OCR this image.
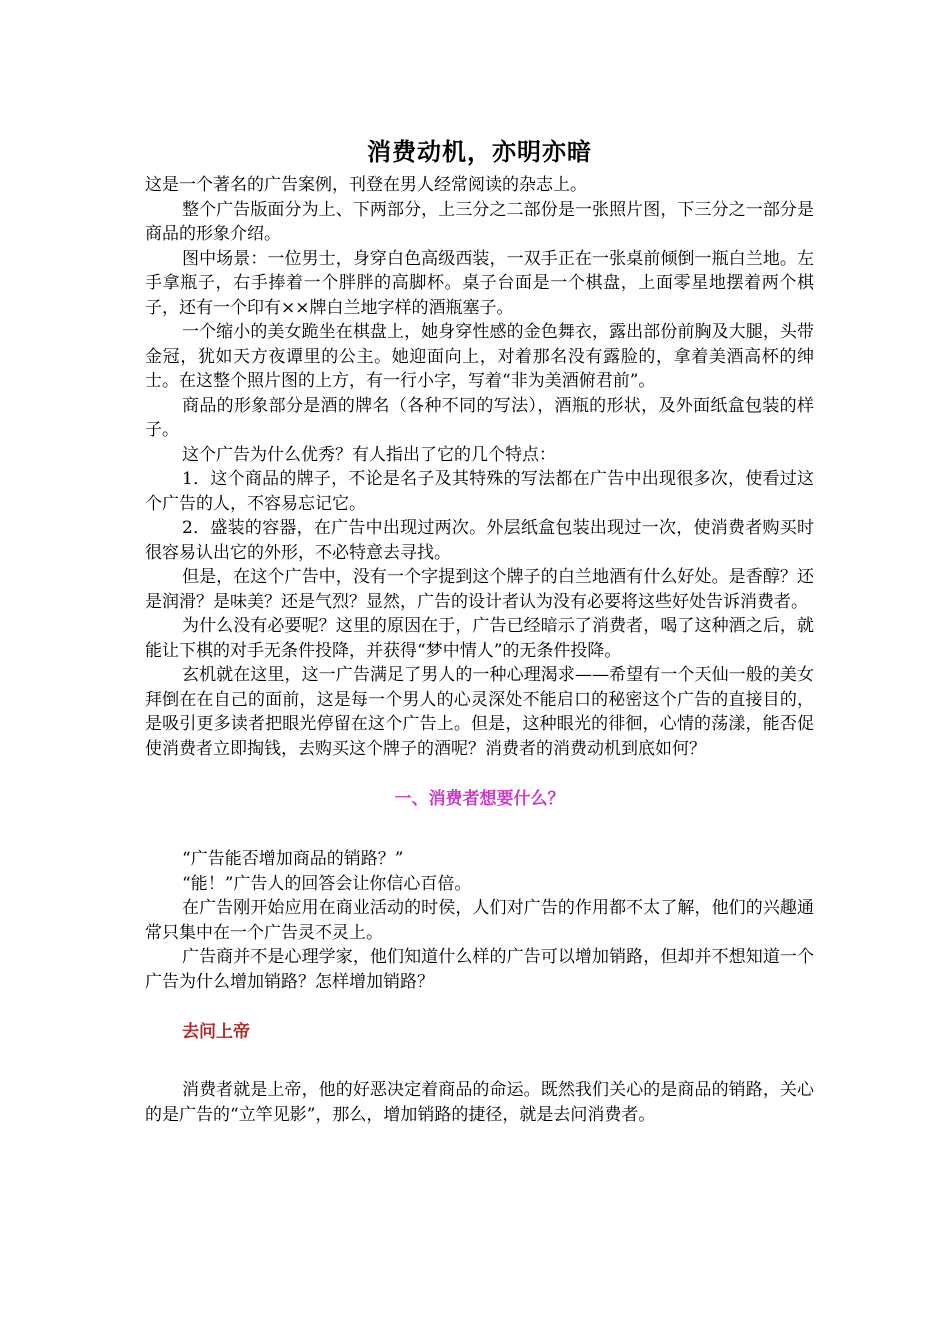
消费动机，亦明亦暗

这是一个著名的广告案例，刊登在男人经常阅读的杂志上。

整个广告版面分为上、下两部分，上三分之二部份是一张照片图，下三分之一部分是商品的形象介绍。

图中场景：一位男士，身穿白色高级西装，一双手正在一张桌前倾倒一瓶白兰地。左手拿瓶子，右手捧着一个胖胖的高脚杯。桌子台面是一个棋盘，上面零星地摆着两个棋子，还有一个印有××牌白兰地字样的酒瓶塞子。

一个缩小的美女跪坐在棋盘上，她身穿性感的金色舞衣，露出部份前胸及大腿，头带金冠，犹如天方夜谭里的公主。她迎面向上，对着那名没有露脸的，拿着美酒高杯的绅士。在这整个照片图的上方，有一行小字，写着“非为美酒俯君前”。

商品的形象部分是酒的牌名（各种不同的写法），酒瓶的形状，及外面纸盒包装的样子。

这个广告为什么优秀？有人指出了它的几个特点：

1．这个商品的牌子，不论是名子及其特殊的写法都在广告中出现很多次，使看过这个广告的人，不容易忘记它。

2．盛装的容器，在广告中出现过两次。外层纸盒包装出现过一次，使消费者购买时很容易认出它的外形，不必特意去寻找。

但是，在这个广告中，没有一个字提到这个牌子的白兰地酒有什么好处。是香醇？还是润滑？是味美？还是气烈？显然，广告的设计者认为没有必要将这些好处告诉消费者。

为什么没有必要呢？这里的原因在于，广告已经暗示了消费者，喝了这种酒之后，就能让下棋的对手无条件投降，并获得“梦中情人”的无条件投降。

玄机就在这里，这一广告满足了男人的一种心理渴求——希望有一个天仙一般的美女拜倒在在自己的面前，这是每一个男人的心灵深处不能启口的秘密这个广告的直接目的，是吸引更多读者把眼光停留在这个广告上。但是，这种眼光的徘徊，心情的荡漾，能否促使消费者立即掏钱，去购买这个牌子的酒呢？消费者的消费动机到底如何？

一、消费者想要什么？

“广告能否增加商品的销路？”

“能！”广告人的回答会让你信心百倍。

在广告刚开始应用在商业活动的时侯，人们对广告的作用都不太了解，他们的兴趣通常只集中在一个广告灵不灵上。

广告商并不是心理学家，他们知道什么样的广告可以增加销路，但却并不想知道一个广告为什么增加销路？怎样增加销路？

去问上帝

消费者就是上帝，他的好恶决定着商品的命运。既然我们关心的是商品的销路，关心的是广告的“立竿见影”，那么，增加销路的捷径，就是去问消费者。
